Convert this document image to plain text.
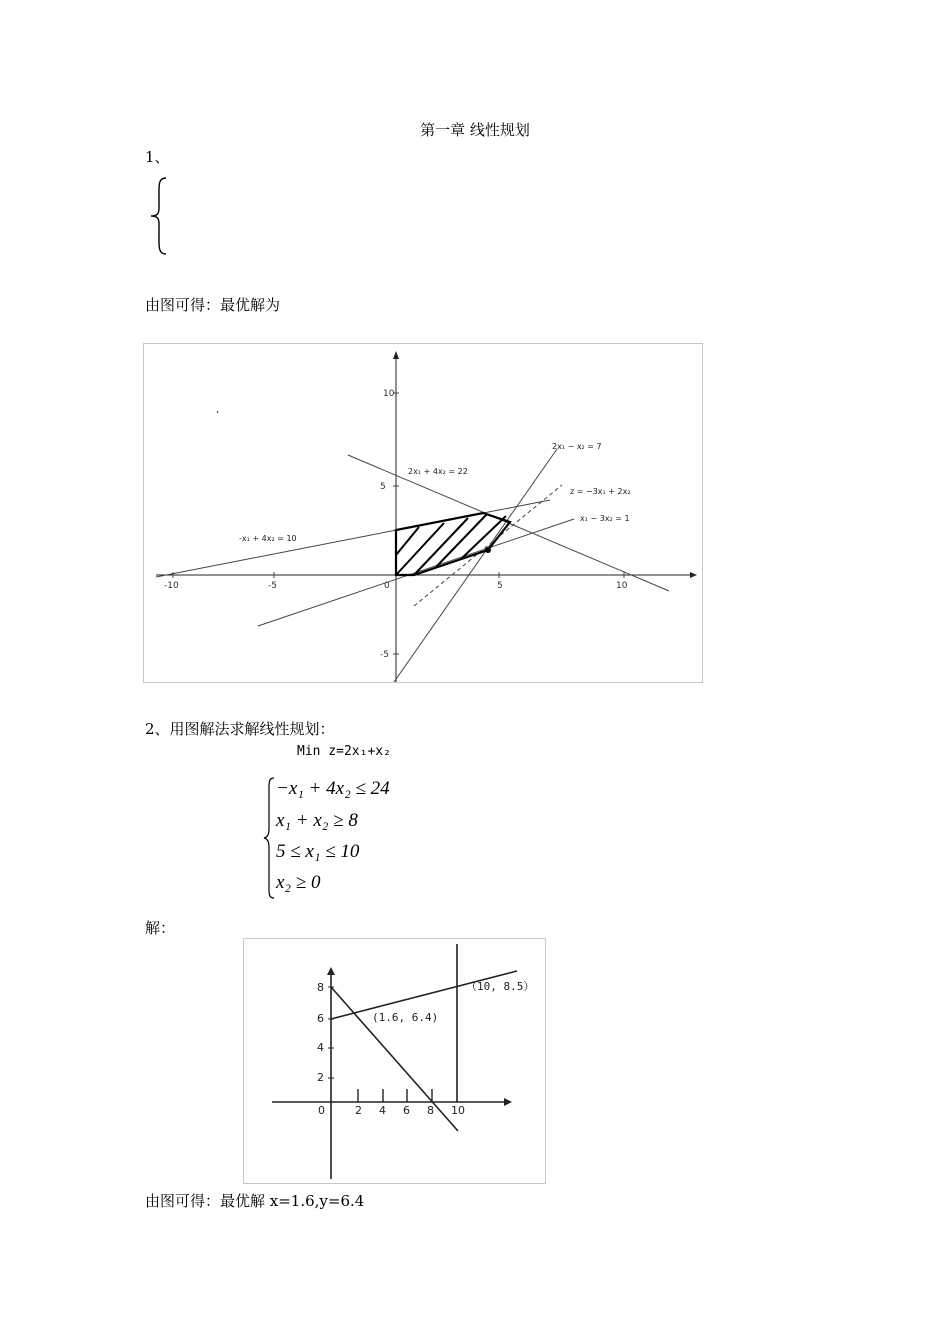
第一章 线性规划
1、
由图可得：最优解为
-10	-5	0	5	10
10
5
-5
-x₁ + 4x₂ = 10
2x₁ + 4x₂ = 22
2x₁ − x₂ = 7
z = −3x₁ + 2x₂
x₁ − 3x₂ = 1
2、用图解法求解线性规划：
Min z=2x₁+x₂
−x₁ + 4x₂ ≤ 24
x₁ + x₂ ≥ 8
5 ≤ x₁ ≤ 10
x₂ ≥ 0
解：
8
6
4
2
0	2 4 6 8 10
(1.6, 6.4)
（10, 8.5）
由图可得：最优解 x=1.6,y=6.4
